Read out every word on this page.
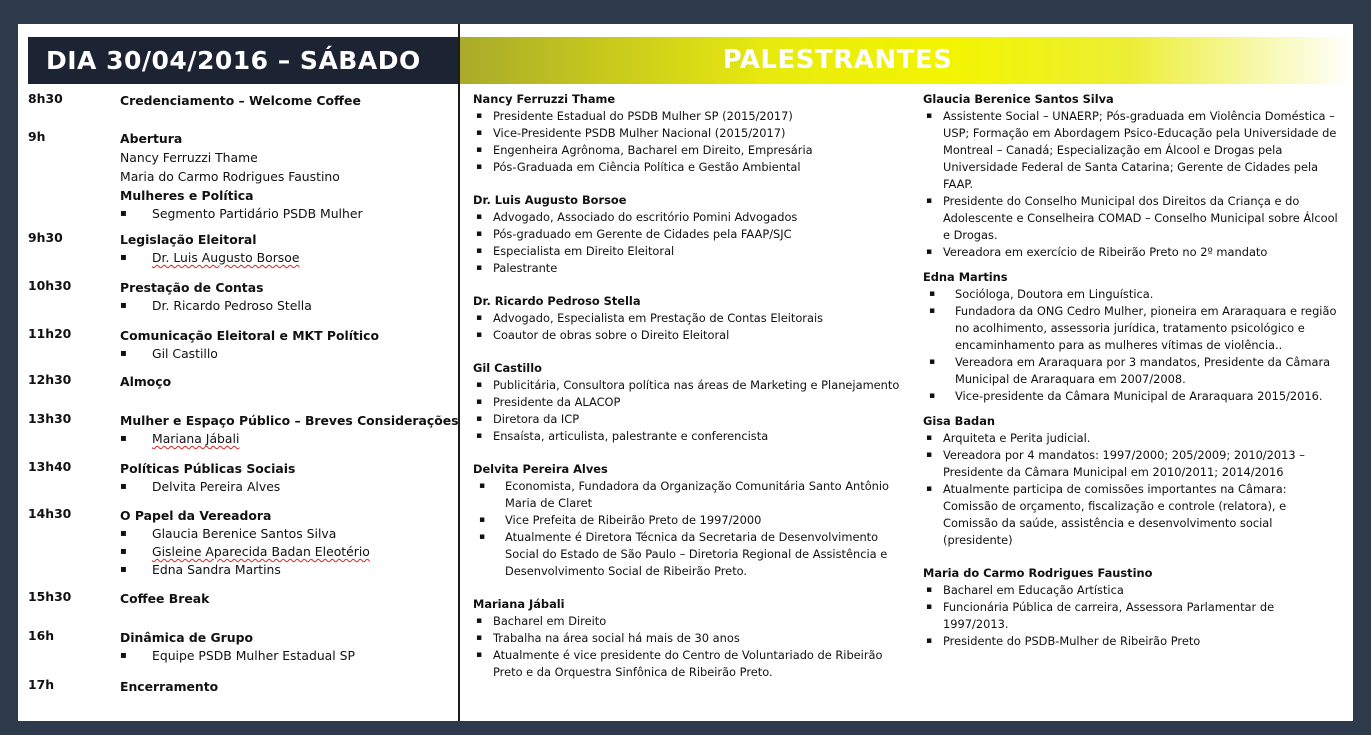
DIA 30/04/2016 – SÁBADO	PALESTRANTES
8h30	Credenciamento – Welcome Coffee
9h	Abertura
Nancy Ferruzzi Thame
Maria do Carmo Rodrigues Faustino
Mulheres e Política
▪ Segmento Partidário PSDB Mulher
9h30	Legislação Eleitoral
▪ Dr. Luis Augusto Borsoe
10h30	Prestação de Contas
▪ Dr. Ricardo Pedroso Stella
11h20	Comunicação Eleitoral e MKT Político
▪ Gil Castillo
12h30	Almoço
13h30	Mulher e Espaço Público – Breves Considerações
▪ Mariana Jábali
13h40	Políticas Públicas Sociais
▪ Delvita Pereira Alves
14h30	O Papel da Vereadora
▪ Glaucia Berenice Santos Silva
▪ Gisleine Aparecida Badan Eleotério
▪ Edna Sandra Martins
15h30	Coffee Break
16h	Dinâmica de Grupo
▪ Equipe PSDB Mulher Estadual SP
17h	Encerramento
Nancy Ferruzzi Thame
▪ Presidente Estadual do PSDB Mulher SP (2015/2017)
▪ Vice-Presidente PSDB Mulher Nacional (2015/2017)
▪ Engenheira Agrônoma, Bacharel em Direito, Empresária
▪ Pós-Graduada em Ciência Política e Gestão Ambiental
Dr. Luis Augusto Borsoe
▪ Advogado, Associado do escritório Pomini Advogados
▪ Pós-graduado em Gerente de Cidades pela FAAP/SJC
▪ Especialista em Direito Eleitoral
▪ Palestrante
Dr. Ricardo Pedroso Stella
▪ Advogado, Especialista em Prestação de Contas Eleitorais
▪ Coautor de obras sobre o Direito Eleitoral
Gil Castillo
▪ Publicitária, Consultora política nas áreas de Marketing e Planejamento
▪ Presidente da ALACOP
▪ Diretora da ICP
▪ Ensaísta, articulista, palestrante e conferencista
Delvita Pereira Alves
▪ Economista, Fundadora da Organização Comunitária Santo Antônio Maria de Claret
▪ Vice Prefeita de Ribeirão Preto de 1997/2000
▪ Atualmente é Diretora Técnica da Secretaria de Desenvolvimento Social do Estado de São Paulo – Diretoria Regional de Assistência e Desenvolvimento Social de Ribeirão Preto.
Mariana Jábali
▪ Bacharel em Direito
▪ Trabalha na área social há mais de 30 anos
▪ Atualmente é vice presidente do Centro de Voluntariado de Ribeirão Preto e da Orquestra Sinfônica de Ribeirão Preto.
Glaucia Berenice Santos Silva
▪ Assistente Social – UNAERP; Pós-graduada em Violência Doméstica – USP; Formação em Abordagem Psico-Educação pela Universidade de Montreal – Canadá; Especialização em Álcool e Drogas pela Universidade Federal de Santa Catarina; Gerente de Cidades pela FAAP.
▪ Presidente do Conselho Municipal dos Direitos da Criança e do Adolescente e Conselheira COMAD – Conselho Municipal sobre Álcool e Drogas.
▪ Vereadora em exercício de Ribeirão Preto no 2º mandato
Edna Martins
▪ Socióloga, Doutora em Linguística.
▪ Fundadora da ONG Cedro Mulher, pioneira em Araraquara e região no acolhimento, assessoria jurídica, tratamento psicológico e encaminhamento para as mulheres vítimas de violência..
▪ Vereadora em Araraquara por 3 mandatos, Presidente da Câmara Municipal de Araraquara em 2007/2008.
▪ Vice-presidente da Câmara Municipal de Araraquara 2015/2016.
Gisa Badan
▪ Arquiteta e Perita judicial.
▪ Vereadora por 4 mandatos: 1997/2000; 205/2009; 2010/2013 – Presidente da Câmara Municipal em 2010/2011; 2014/2016
▪ Atualmente participa de comissões importantes na Câmara: Comissão de orçamento, fiscalização e controle (relatora), e Comissão da saúde, assistência e desenvolvimento social (presidente)
Maria do Carmo Rodrigues Faustino
▪ Bacharel em Educação Artística
▪ Funcionária Pública de carreira, Assessora Parlamentar de 1997/2013.
▪ Presidente do PSDB-Mulher de Ribeirão Preto
